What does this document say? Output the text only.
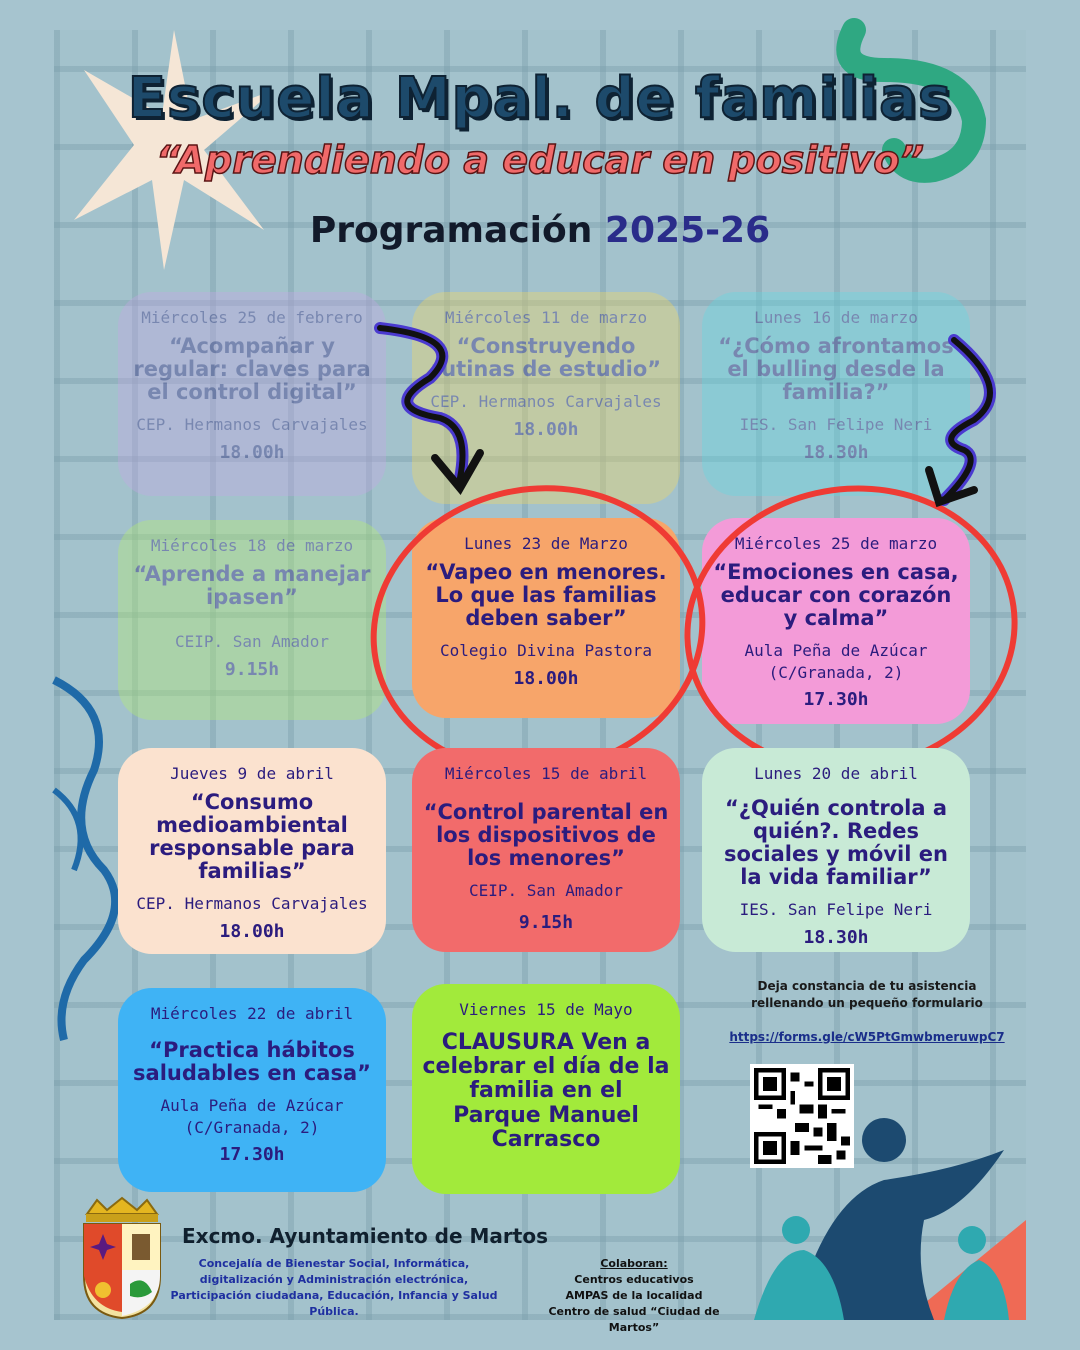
Escuela Mpal. de familias
“Aprendiendo a educar en positivo”
Programación 2025-26
Miércoles 25 de febrero
“Acompañar y regular: claves para el control digital”
CEP. Hermanos Carvajales
18.00h
Miércoles 11 de marzo
“Construyendo rutinas de estudio”
CEP. Hermanos Carvajales
18.00h
Lunes 16 de marzo
“¿Cómo afrontamos el bulling desde la familia?”
IES. San Felipe Neri
18.30h
Miércoles 18 de marzo
“Aprende a manejar ipasen”
CEIP. San Amador
9.15h
Lunes 23 de Marzo
“Vapeo en menores. Lo que las familias deben saber”
Colegio Divina Pastora
18.00h
Miércoles 25 de marzo
“Emociones en casa, educar con corazón y calma”
Aula Peña de Azúcar (C/Granada, 2)
17.30h
Jueves 9 de abril
“Consumo medioambiental responsable para familias”
CEP. Hermanos Carvajales
18.00h
Miércoles 15 de abril
“Control parental en los dispositivos de los menores”
CEIP. San Amador
9.15h
Lunes 20 de abril
“¿Quién controla a quién?. Redes sociales y móvil en la vida familiar”
IES. San Felipe Neri
18.30h
Miércoles 22 de abril
“Practica hábitos saludables en casa”
Aula Peña de Azúcar (C/Granada, 2)
17.30h
Viernes 15 de Mayo
CLAUSURA Ven a celebrar el día de la familia en el Parque Manuel Carrasco
Deja constancia de tu asistencia rellenando un pequeño formulario
https://forms.gle/cW5PtGmwbmeruwpC7
Excmo. Ayuntamiento de Martos
Concejalía de Bienestar Social, Informática, digitalización y Administración electrónica, Participación ciudadana, Educación, Infancia y Salud Pública.
Colaboran:
Centros educativos
AMPAS de la localidad
Centro de salud “Ciudad de Martos”
